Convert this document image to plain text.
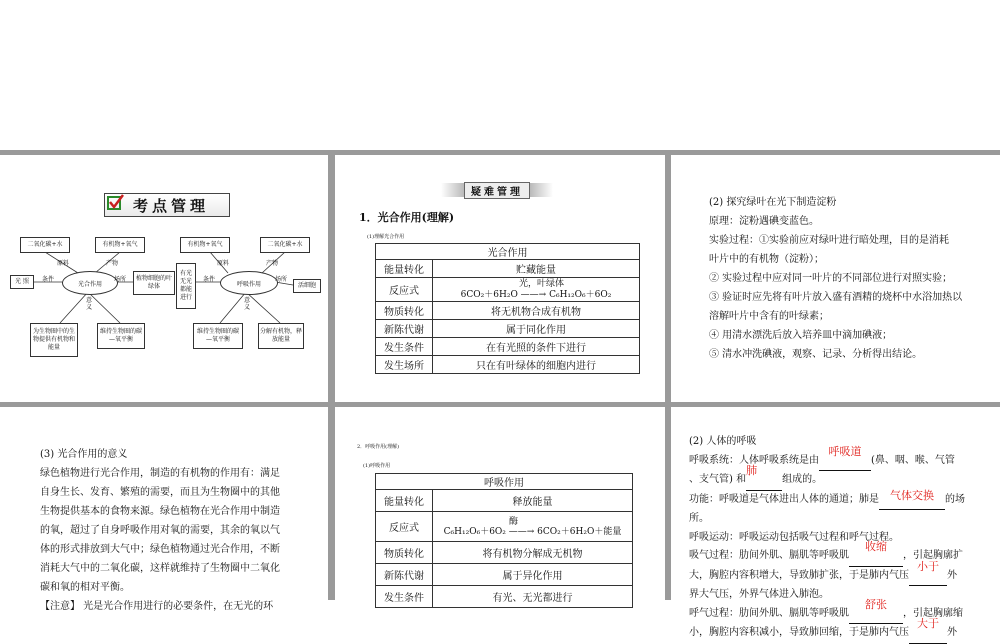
考点管理
二氧化碳+水	有机物+氧气
光合作用
光 照	植物细胞的叶绿体
为生物圈中的生物提供有机物和能量
维持生物圈的碳—氧平衡
原料	产物
条件	场所
意义
有机物+氧气	二氧化碳+水
呼吸作用
有光无光都能进行
活细胞
维持生物圈的碳—氧平衡
分解有机物，释放能量
原料	产物
条件	场所
意义
疑难管理
1．光合作用(理解)
(1)理解光合作用
光合作用	
能量转化	贮藏能量
反应式	光，叶绿体
6CO₂＋6H₂O ——→ C₆H₁₂O₆＋6O₂
物质转化	将无机物合成有机物
新陈代谢	属于同化作用
发生条件	在有光照的条件下进行
发生场所	只在有叶绿体的细胞内进行
(2) 探究绿叶在光下制造淀粉
原理：淀粉遇碘变蓝色。
实验过程：①实验前应对绿叶进行暗处理，目的是消耗
叶片中的有机物（淀粉）；
② 实验过程中应对同一叶片的不同部位进行对照实验；
③ 验证时应先将有叶片放入盛有酒精的烧杯中水浴加热以
溶解叶片中含有的叶绿素；
④ 用清水漂洗后放入培养皿中滴加碘液；
⑤ 清水冲洗碘液，观察、记录、分析得出结论。
(3) 光合作用的意义
绿色植物进行光合作用，制造的有机物的作用有：满足
自身生长、发育、繁殖的需要，而且为生物圈中的其他
生物提供基本的食物来源。绿色植物在光合作用中制造
的氧，超过了自身呼吸作用对氧的需要，其余的氧以气
体的形式排放到大气中；绿色植物通过光合作用，不断
消耗大气中的二氧化碳，这样就维持了生物圈中二氧化
碳和氧的相对平衡。
【注意】 光是光合作用进行的必要条件，在无光的环
2．呼吸作用(理解)
(1)呼吸作用
呼吸作用	
能量转化	释放能量
反应式	酶
C₆H₁₂O₆＋6O₂ ——→ 6CO₂＋6H₂O＋能量
物质转化	将有机物分解成无机物
新陈代谢	属于异化作用
发生条件	有光、无光都进行
(2) 人体的呼吸
呼吸系统：人体呼吸系统是由
呼吸道
(鼻、咽、喉、气管
、支气管) 和
肺
组成的。
功能：呼吸道是气体进出人体的通道；肺是	气体交换	的场
所。
呼吸运动：呼吸运动包括吸气过程和呼气过程。
吸气过程：肋间外肌、膈肌等呼吸肌
收缩
，引起胸廓扩
大，胸腔内容积增大，导致肺扩张，于是肺内气压
小于
外
界大气压，外界气体进入肺泡。
呼气过程：肋间外肌、膈肌等呼吸肌
舒张
，引起胸廓缩
小，胸腔内容积减小，导致肺回缩，于是肺内气压
大于
外
